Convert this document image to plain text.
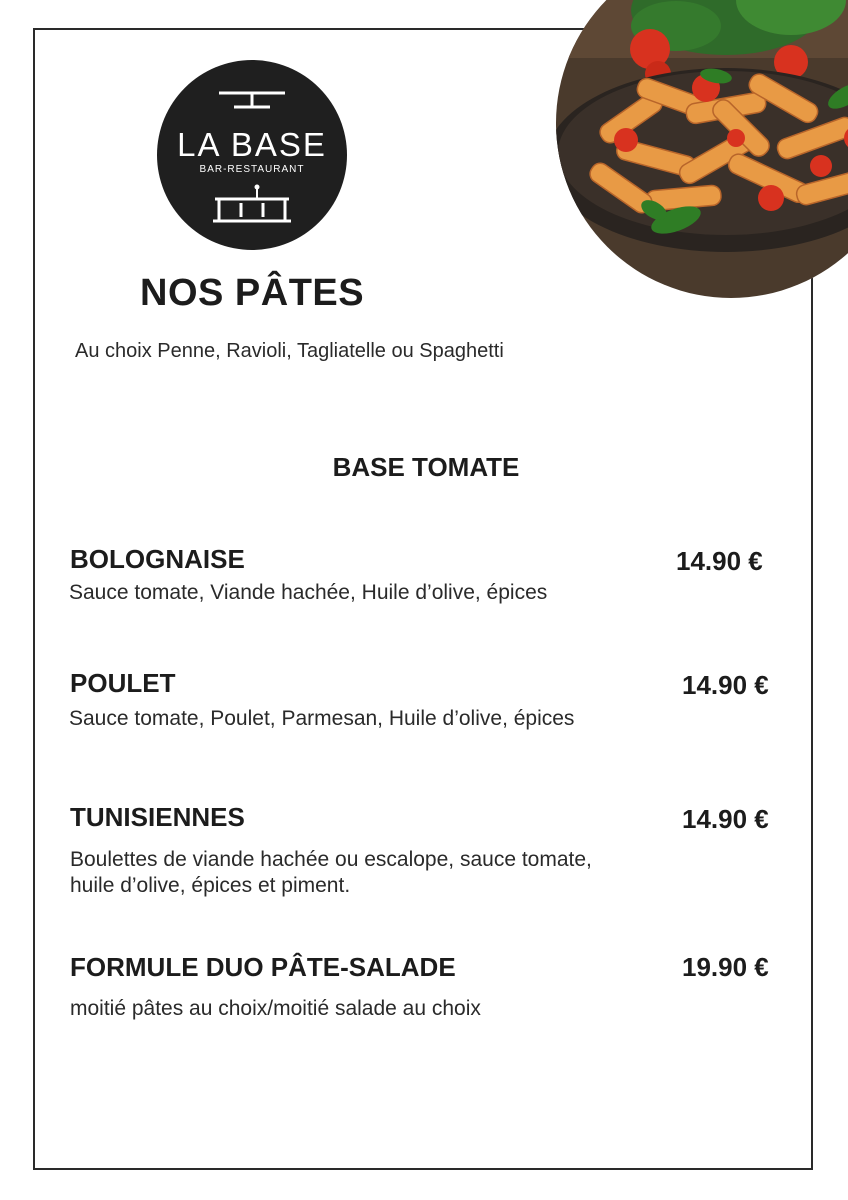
LA BASE
BAR-RESTAURANT
NOS PÂTES
Au choix Penne, Ravioli, Tagliatelle ou Spaghetti
BASE TOMATE
BOLOGNAISE	14.90 €
Sauce tomate, Viande hachée, Huile d’olive, épices
POULET	14.90 €
Sauce tomate, Poulet, Parmesan, Huile d’olive, épices
TUNISIENNES	14.90 €
Boulettes de viande hachée ou escalope, sauce tomate, huile d’olive, épices et piment.
FORMULE DUO PÂTE-SALADE	19.90 €
moitié pâtes au choix/moitié salade au choix
